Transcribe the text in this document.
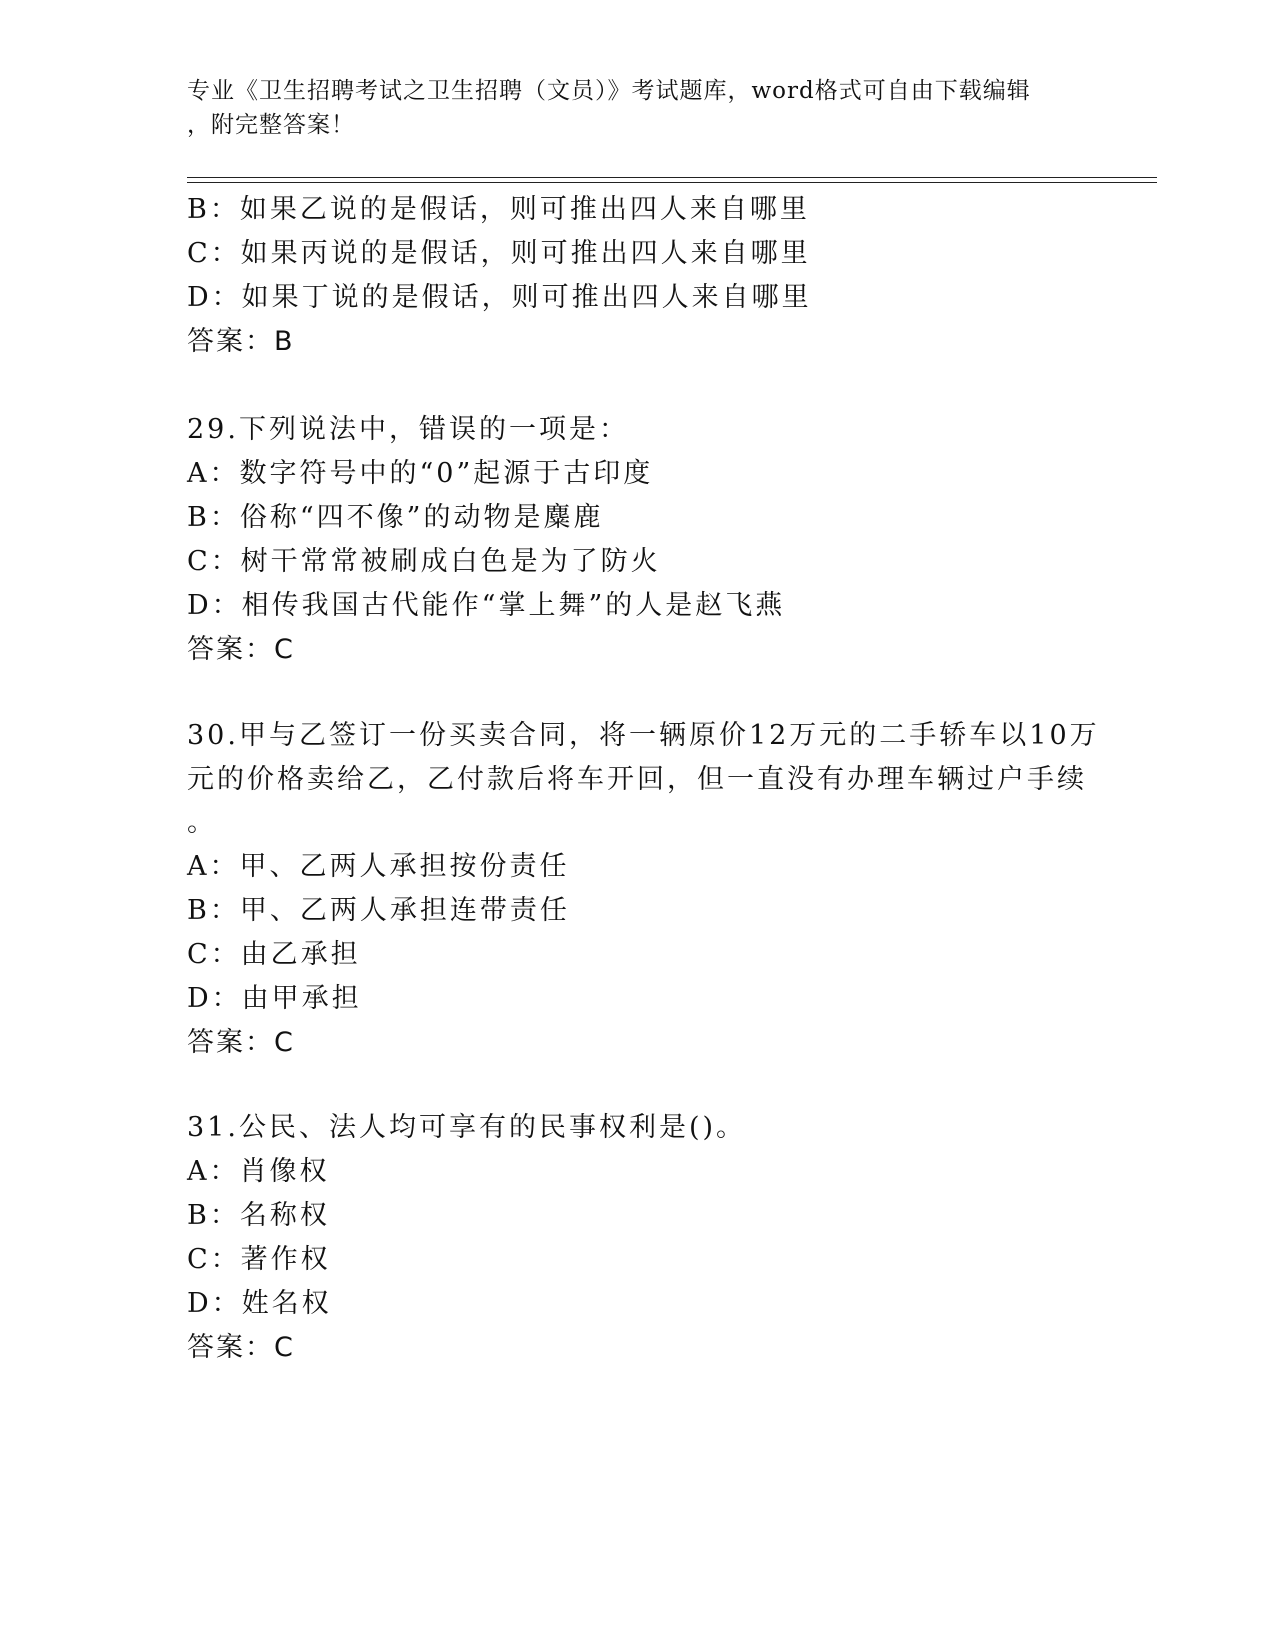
专业《卫生招聘考试之卫生招聘（文员）》考试题库，word格式可自由下载编辑
，附完整答案！
B：如果乙说的是假话，则可推出四人来自哪里
C：如果丙说的是假话，则可推出四人来自哪里
D：如果丁说的是假话，则可推出四人来自哪里
答案：B
29.下列说法中，错误的一项是：
A：数字符号中的“0”起源于古印度
B：俗称“四不像”的动物是麋鹿
C：树干常常被刷成白色是为了防火
D：相传我国古代能作“掌上舞”的人是赵飞燕
答案：C
30.甲与乙签订一份买卖合同，将一辆原价12万元的二手轿车以10万
元的价格卖给乙，乙付款后将车开回，但一直没有办理车辆过户手续
。
A：甲、乙两人承担按份责任
B：甲、乙两人承担连带责任
C：由乙承担
D：由甲承担
答案：C
31.公民、法人均可享有的民事权利是()。
A：肖像权
B：名称权
C：著作权
D：姓名权
答案：C
